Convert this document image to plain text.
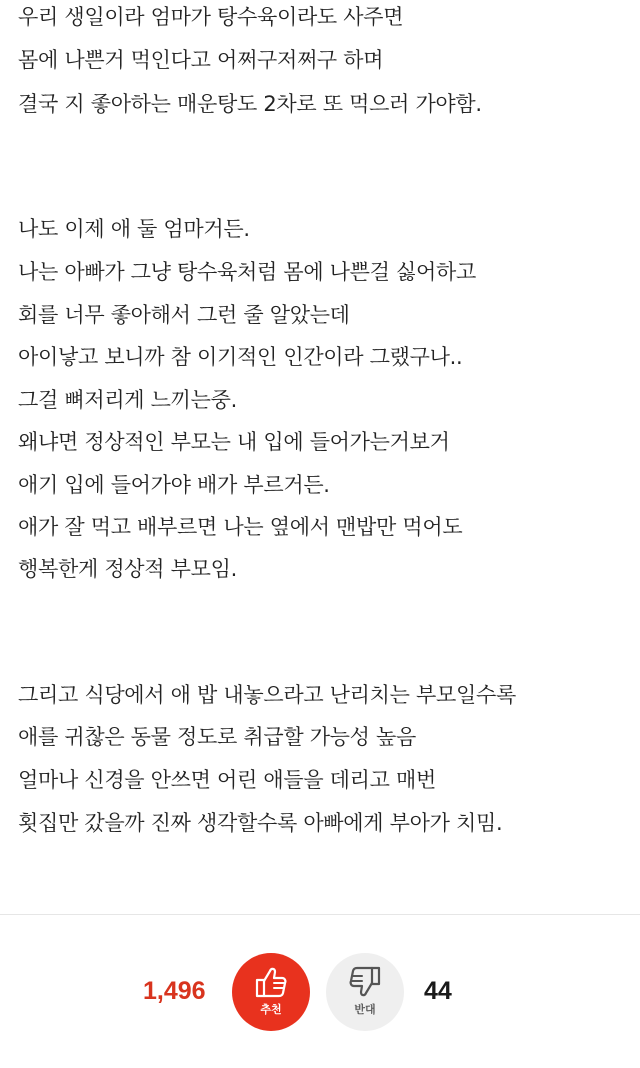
우리 생일이라 엄마가 탕수육이라도 사주면
몸에 나쁜거 먹인다고 어쩌구저쩌구 하며
결국 지 좋아하는 매운탕도 2차로 또 먹으러 가야함.
나도 이제 애 둘 엄마거든.
나는 아빠가 그냥 탕수육처럼 몸에 나쁜걸 싫어하고
회를 너무 좋아해서 그런 줄 알았는데
아이낳고 보니까 참 이기적인 인간이라 그랬구나..
그걸 뼈저리게 느끼는중.
왜냐면 정상적인 부모는 내 입에 들어가는거보거
애기 입에 들어가야 배가 부르거든.
애가 잘 먹고 배부르면 나는 옆에서 맨밥만 먹어도
행복한게 정상적 부모임.
그리고 식당에서 애 밥 내놓으라고 난리치는 부모일수록
애를 귀찮은 동물 정도로 취급할 가능성 높음
얼마나 신경을 안쓰면 어린 애들을 데리고 매번
횟집만 갔을까 진짜 생각할수록 아빠에게 부아가 치밈.
1,496
추천	반대
44
